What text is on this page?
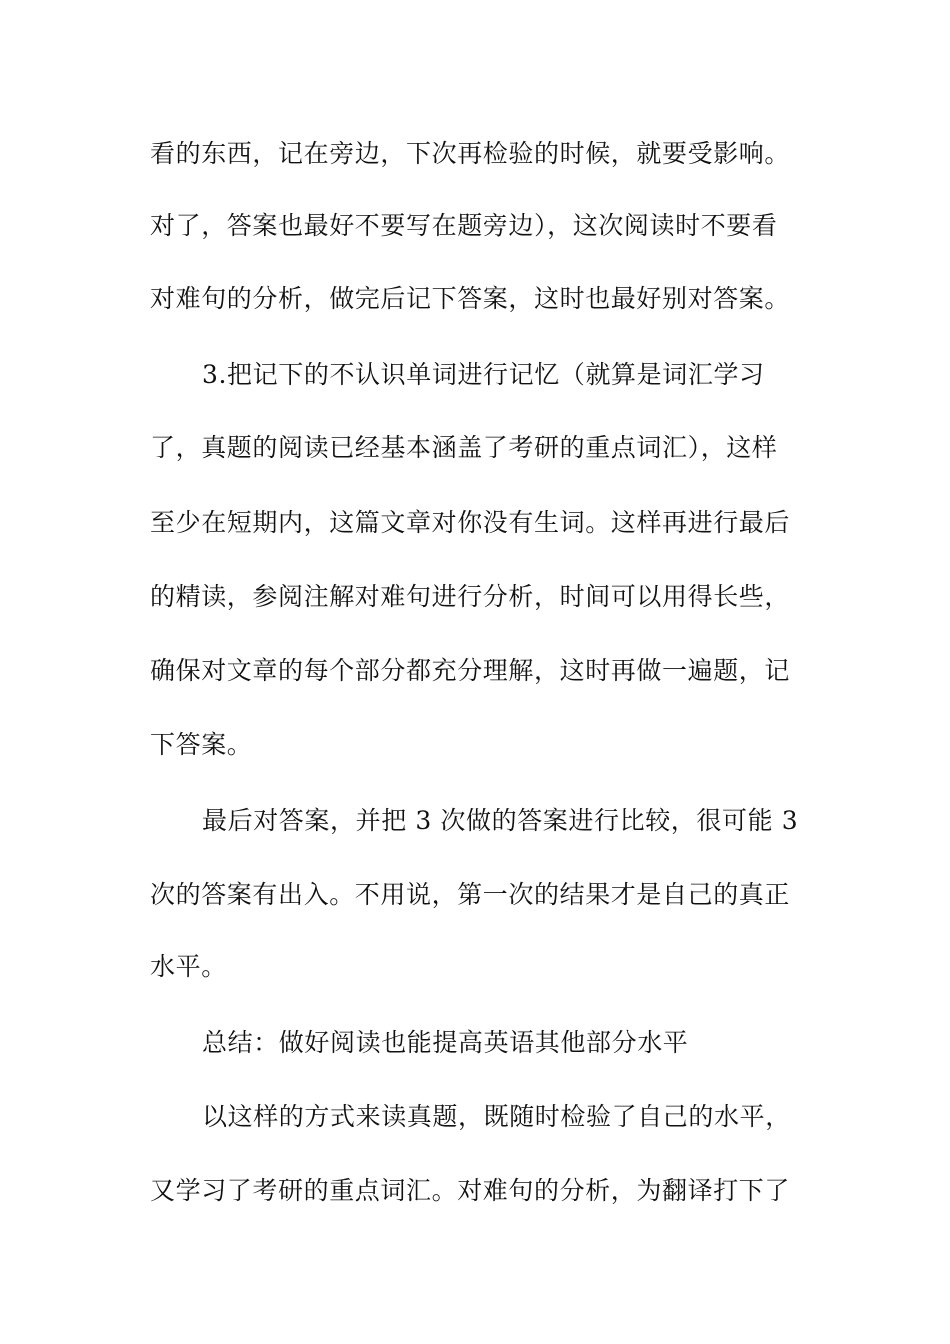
看的东西，记在旁边，下次再检验的时候，就要受影响。
对了，答案也最好不要写在题旁边），这次阅读时不要看
对难句的分析，做完后记下答案，这时也最好别对答案。
3.把记下的不认识单词进行记忆（就算是词汇学习
了，真题的阅读已经基本涵盖了考研的重点词汇），这样
至少在短期内，这篇文章对你没有生词。这样再进行最后
的精读，参阅注解对难句进行分析，时间可以用得长些，
确保对文章的每个部分都充分理解，这时再做一遍题，记
下答案。
最后对答案，并把 3 次做的答案进行比较，很可能 3
次的答案有出入。不用说，第一次的结果才是自己的真正
水平。
总结：做好阅读也能提高英语其他部分水平
以这样的方式来读真题，既随时检验了自己的水平，
又学习了考研的重点词汇。对难句的分析，为翻译打下了
